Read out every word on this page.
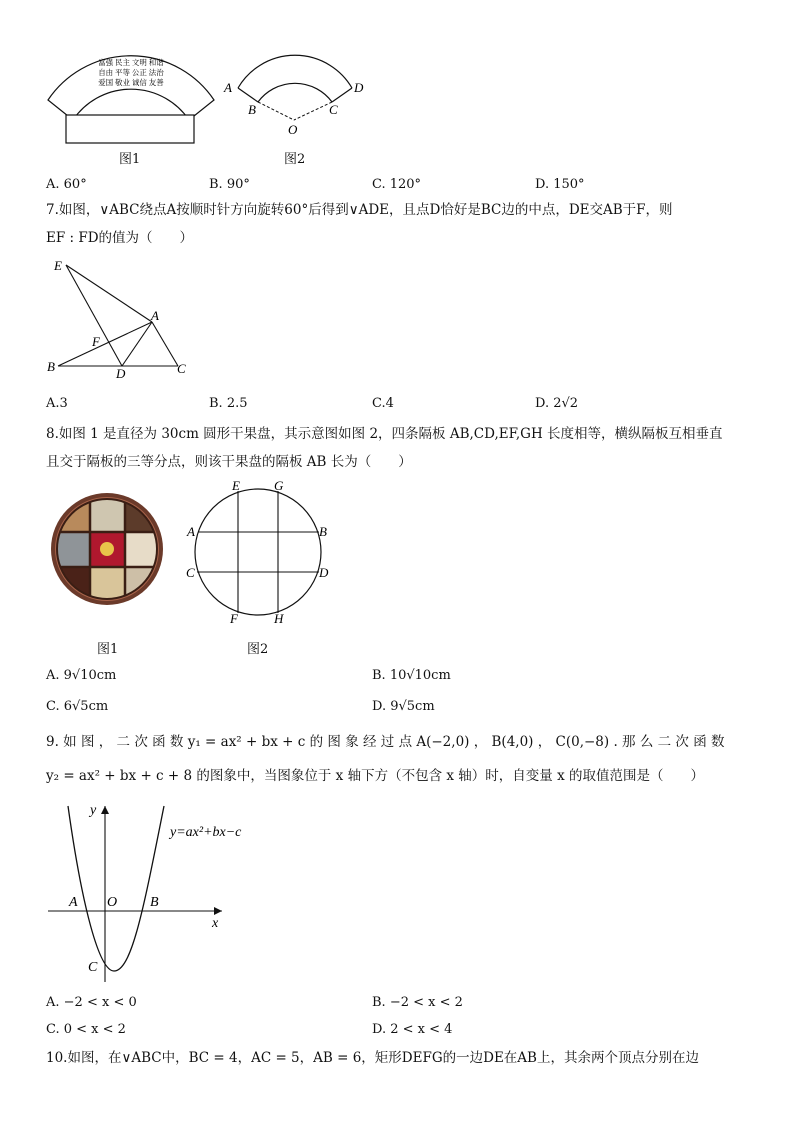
富强 民主 文明 和谐
自由 平等 公正 法治
爱国 敬业 诚信 友善
图1
A
B	C
D
O
图2
A. 60°	B. 90°	C. 120°	D. 150°
7.如图，∨ABC绕点A按顺时针方向旋转60°后得到∨ADE，且点D恰好是BC边的中点，DE交AB于F，则
EF : FD的值为（　　）
E
A
F
B	D	C
A.3	B. 2.5	C.4	D. 2√2
8.如图 1 是直径为 30cm 圆形干果盘，其示意图如图 2，四条隔板 AB,CD,EF,GH 长度相等，横纵隔板互相垂直
且交于隔板的三等分点，则该干果盘的隔板 AB 长为（　　）
图1
E	G
A	B
C	D
F	H
图2
A. 9√10cm	B. 10√10cm
C. 6√5cm	D. 9√5cm
9. 如 图 ， 二 次 函 数 y₁ = ax² + bx + c 的 图 象 经 过 点 A(−2,0) ， B(4,0) ， C(0,−8) . 那 么 二 次 函 数
y₂ = ax² + bx + c + 8 的图象中，当图象位于 x 轴下方（不包含 x 轴）时，自变量 x 的取值范围是（　　）
y
y=ax²+bx−c
A O B
x
C
A. −2 < x < 0	B. −2 < x < 2
C. 0 < x < 2	D. 2 < x < 4
10.如图，在∨ABC中，BC = 4，AC = 5，AB = 6，矩形DEFG的一边DE在AB上，其余两个顶点分别在边
